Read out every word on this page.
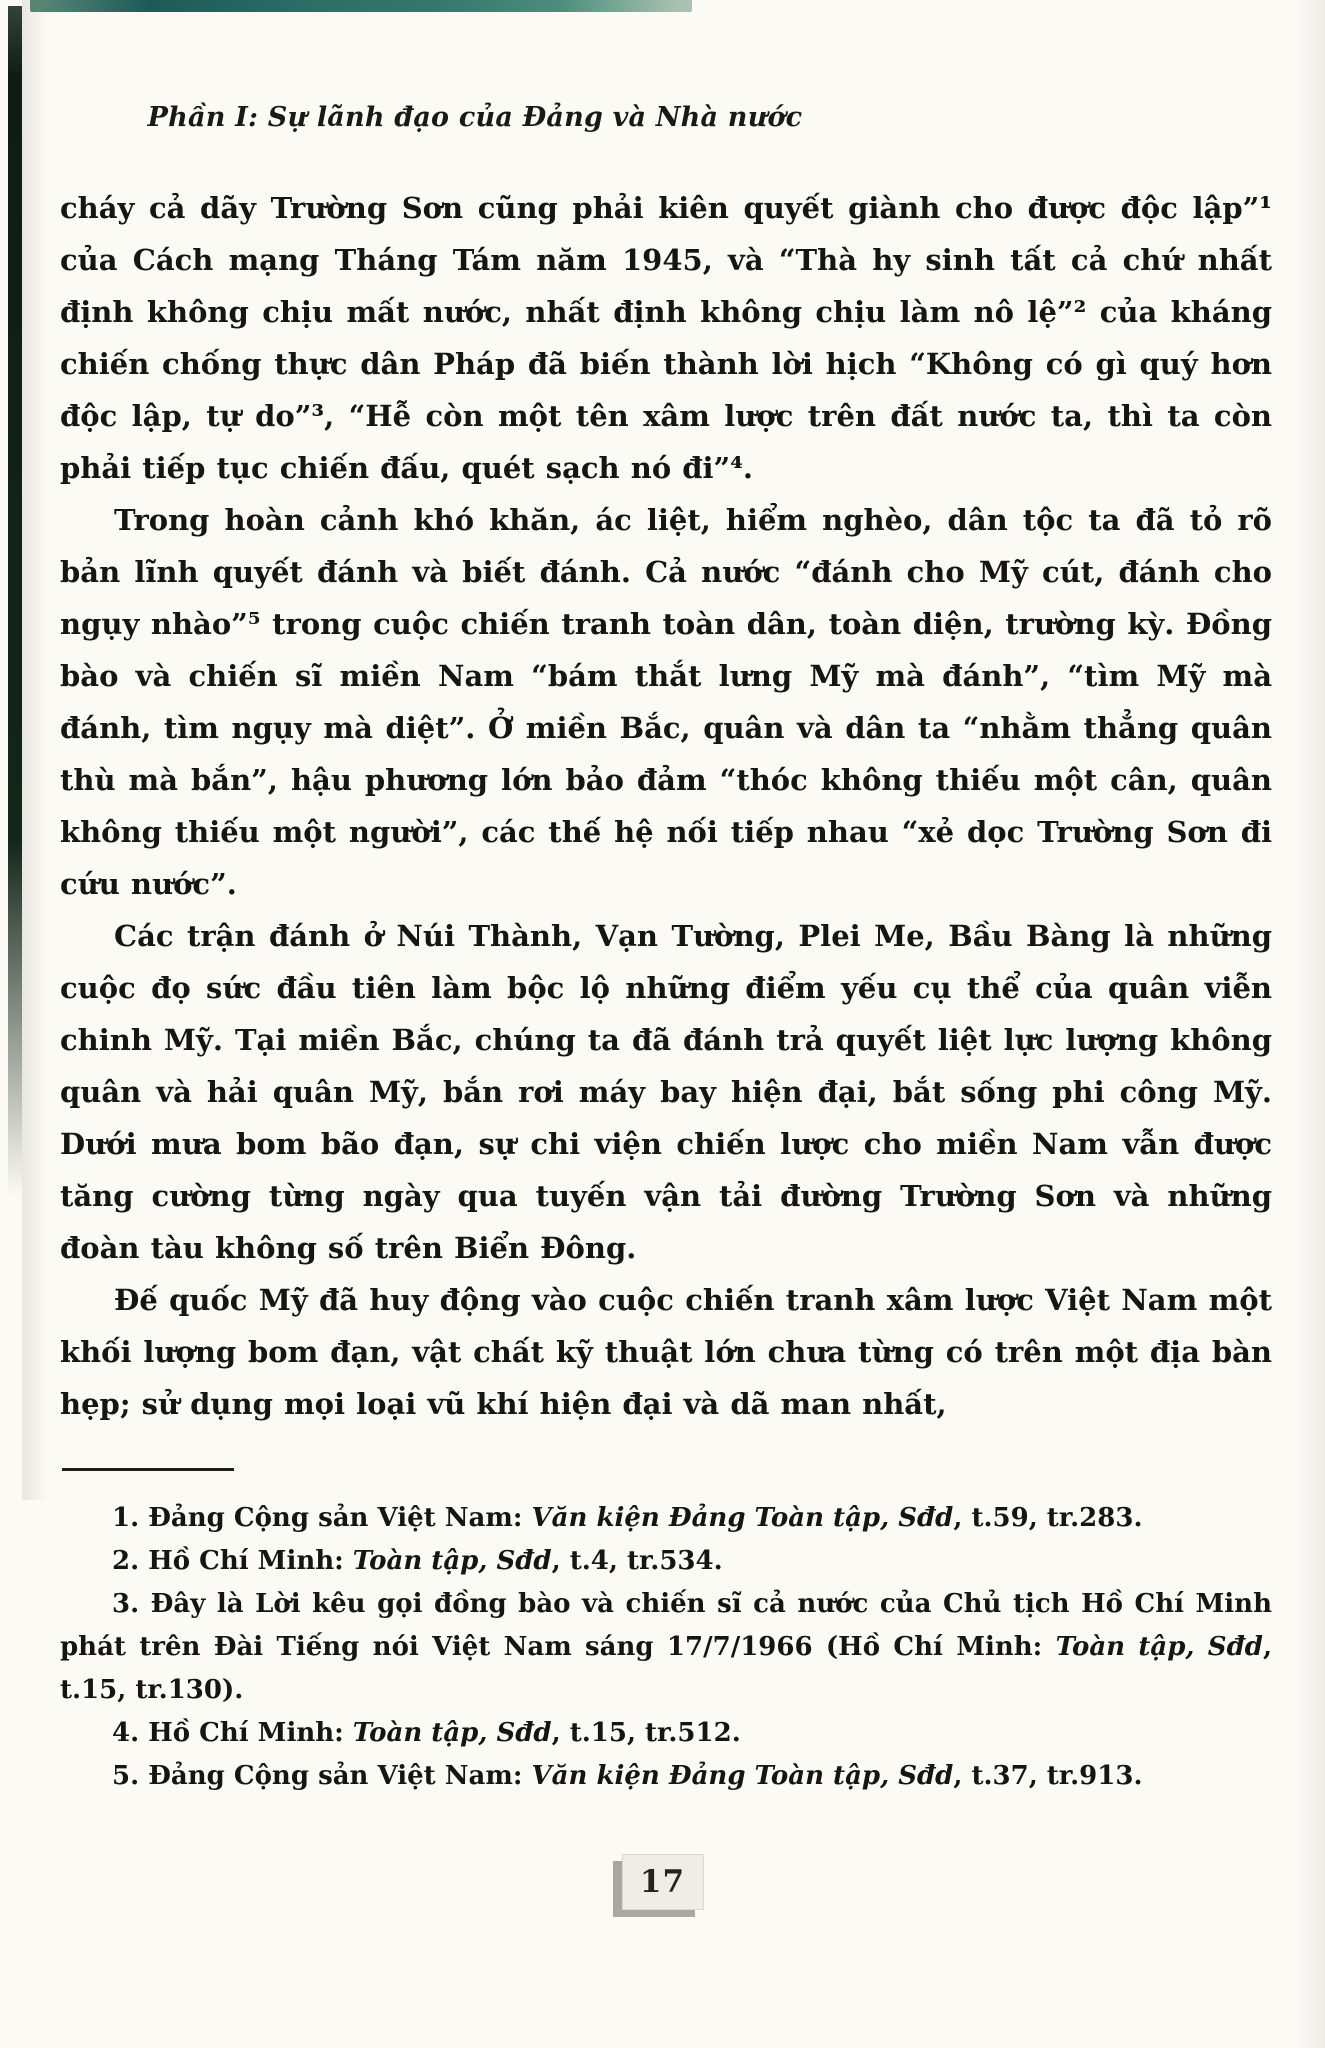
Phần I: Sự lãnh đạo của Đảng và Nhà nước

cháy cả dãy Trường Sơn cũng phải kiên quyết giành cho được độc lập”¹ của Cách mạng Tháng Tám năm 1945, và “Thà hy sinh tất cả chứ nhất định không chịu mất nước, nhất định không chịu làm nô lệ”² của kháng chiến chống thực dân Pháp đã biến thành lời hịch “Không có gì quý hơn độc lập, tự do”³, “Hễ còn một tên xâm lược trên đất nước ta, thì ta còn phải tiếp tục chiến đấu, quét sạch nó đi”⁴.

Trong hoàn cảnh khó khăn, ác liệt, hiểm nghèo, dân tộc ta đã tỏ rõ bản lĩnh quyết đánh và biết đánh. Cả nước “đánh cho Mỹ cút, đánh cho ngụy nhào”⁵ trong cuộc chiến tranh toàn dân, toàn diện, trường kỳ. Đồng bào và chiến sĩ miền Nam “bám thắt lưng Mỹ mà đánh”, “tìm Mỹ mà đánh, tìm ngụy mà diệt”. Ở miền Bắc, quân và dân ta “nhằm thẳng quân thù mà bắn”, hậu phương lớn bảo đảm “thóc không thiếu một cân, quân không thiếu một người”, các thế hệ nối tiếp nhau “xẻ dọc Trường Sơn đi cứu nước”.

Các trận đánh ở Núi Thành, Vạn Tường, Plei Me, Bầu Bàng là những cuộc đọ sức đầu tiên làm bộc lộ những điểm yếu cụ thể của quân viễn chinh Mỹ. Tại miền Bắc, chúng ta đã đánh trả quyết liệt lực lượng không quân và hải quân Mỹ, bắn rơi máy bay hiện đại, bắt sống phi công Mỹ. Dưới mưa bom bão đạn, sự chi viện chiến lược cho miền Nam vẫn được tăng cường từng ngày qua tuyến vận tải đường Trường Sơn và những đoàn tàu không số trên Biển Đông.

Đế quốc Mỹ đã huy động vào cuộc chiến tranh xâm lược Việt Nam một khối lượng bom đạn, vật chất kỹ thuật lớn chưa từng có trên một địa bàn hẹp; sử dụng mọi loại vũ khí hiện đại và dã man nhất,

1. Đảng Cộng sản Việt Nam: Văn kiện Đảng Toàn tập, Sđd, t.59, tr.283.

2. Hồ Chí Minh: Toàn tập, Sđd, t.4, tr.534.

3. Đây là Lời kêu gọi đồng bào và chiến sĩ cả nước của Chủ tịch Hồ Chí Minh phát trên Đài Tiếng nói Việt Nam sáng 17/7/1966 (Hồ Chí Minh: Toàn tập, Sđd, t.15, tr.130).

4. Hồ Chí Minh: Toàn tập, Sđd, t.15, tr.512.

5. Đảng Cộng sản Việt Nam: Văn kiện Đảng Toàn tập, Sđd, t.37, tr.913.

17
